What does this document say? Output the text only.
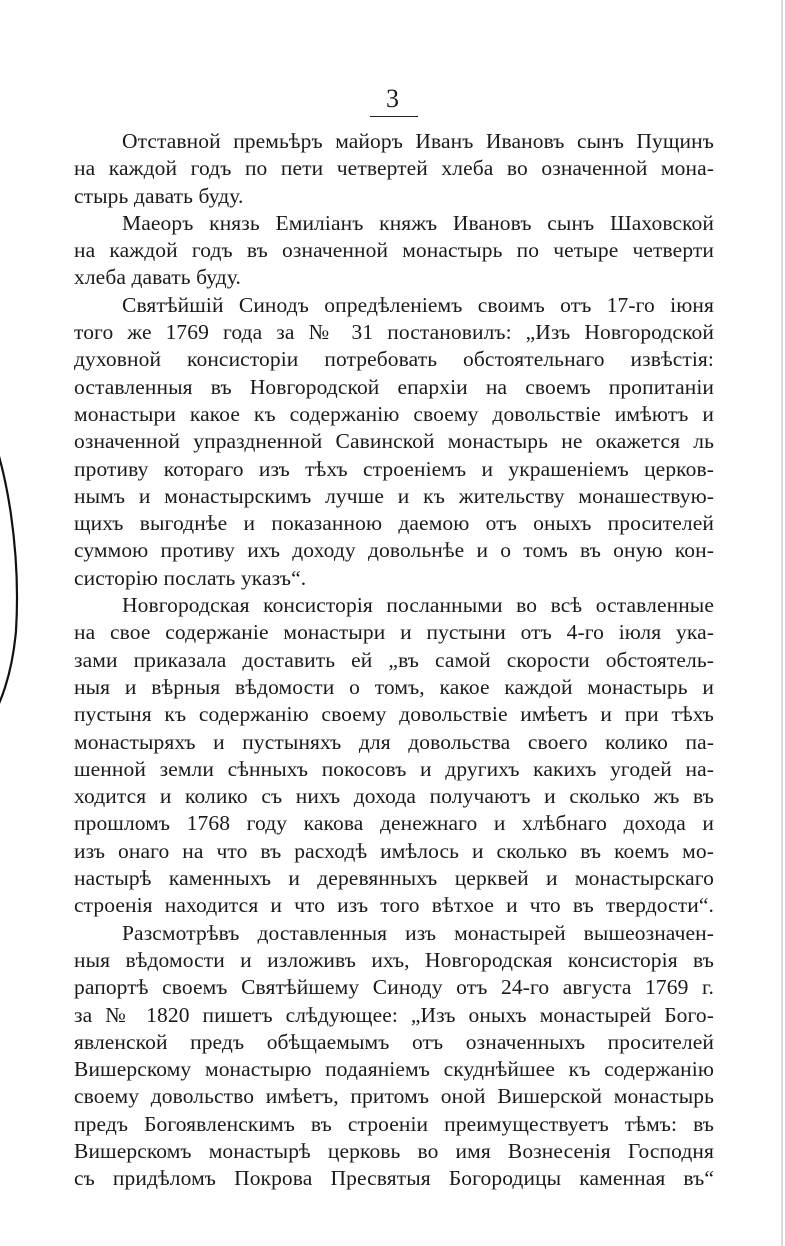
3
Отставной премьѣръ майоръ Иванъ Ивановъ сынъ Пущинъ
на каждой годъ по пети четвертей хлеба во означенной мона-
стырь давать буду.
Маеоръ князь Емиліанъ княжъ Ивановъ сынъ Шаховской
на каждой годъ въ означенной монастырь по четыре четверти
хлеба давать буду.
Святѣйшій Синодъ опредѣленіемъ своимъ отъ 17-го іюня
того же 1769 года за № 31 постановилъ: „Изъ Новгородской
духовной консисторіи потребовать обстоятельнаго извѣстія:
оставленныя въ Новгородской епархіи на своемъ пропитаніи
монастыри какое къ содержанію своему довольствіе имѣютъ и
означенной упраздненной Савинской монастырь не окажется ль
противу котораго изъ тѣхъ строеніемъ и украшеніемъ церков-
нымъ и монастырскимъ лучше и къ жительству монашествую-
щихъ выгоднѣе и показанною даемою отъ оныхъ просителей
суммою противу ихъ доходу довольнѣе и о томъ въ оную кон-
систорію послать указъ“.
Новгородская консисторія посланными во всѣ оставленные
на свое содержаніе монастыри и пустыни отъ 4-го іюля ука-
зами приказала доставить ей „въ самой скорости обстоятель-
ныя и вѣрныя вѣдомости о томъ, какое каждой монастырь и
пустыня къ содержанію своему довольствіе имѣетъ и при тѣхъ
монастыряхъ и пустыняхъ для довольства своего колико па-
шенной земли сѣнныхъ покосовъ и другихъ какихъ угодей на-
ходится и колико съ нихъ дохода получаютъ и сколько жъ въ
прошломъ 1768 году какова денежнаго и хлѣбнаго дохода и
изъ онаго на что въ расходѣ имѣлось и сколько въ коемъ мо-
настырѣ каменныхъ и деревянныхъ церквей и монастырскаго
строенія находится и что изъ того вѣтхое и что въ твердости“.
Разсмотрѣвъ доставленныя изъ монастырей вышеозначен-
ныя вѣдомости и изложивъ ихъ, Новгородская консисторія въ
рапортѣ своемъ Святѣйшему Синоду отъ 24-го августа 1769 г.
за № 1820 пишетъ слѣдующее: „Изъ оныхъ монастырей Бого-
явленской предъ обѣщаемымъ отъ означенныхъ просителей
Вишерскому монастырю подаяніемъ скуднѣйшее къ содержанію
своему довольство имѣетъ, притомъ оной Вишерской монастырь
предъ Богоявленскимъ въ строеніи преимуществуетъ тѣмъ: въ
Вишерскомъ монастырѣ церковь во имя Вознесенія Господня
съ придѣломъ Покрова Пресвятыя Богородицы каменная въ“
